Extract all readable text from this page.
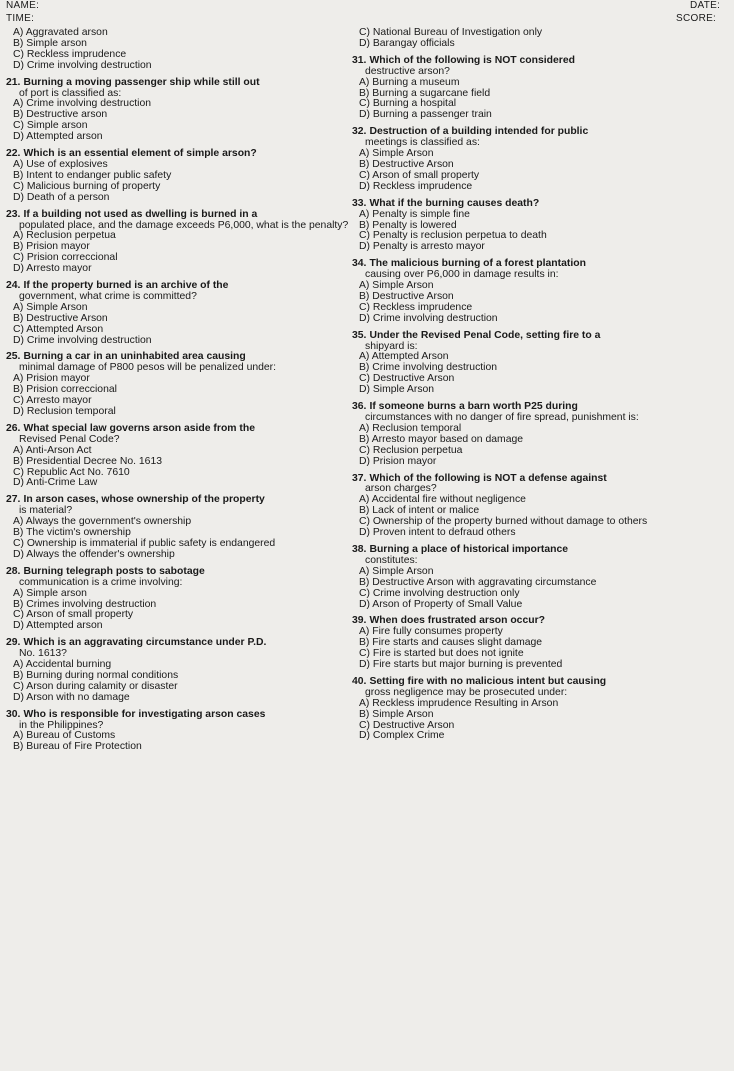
NAME:
TIME:
DATE:
SCORE:
A) Aggravated arson
B) Simple arson
C) Reckless imprudence
D) Crime involving destruction
21. Burning a moving passenger ship while still out
of port is classified as:
A) Crime involving destruction
B) Destructive arson
C) Simple arson
D) Attempted arson
22. Which is an essential element of simple arson?
A) Use of explosives
B) Intent to endanger public safety
C) Malicious burning of property
D) Death of a person
23. If a building not used as dwelling is burned in a
populated place, and the damage exceeds P6,000, what is the penalty?
A) Reclusion perpetua
B) Prision mayor
C) Prision correccional
D) Arresto mayor
24. If the property burned is an archive of the
government, what crime is committed?
A) Simple Arson
B) Destructive Arson
C) Attempted Arson
D) Crime involving destruction
25. Burning a car in an uninhabited area causing
minimal damage of P800 pesos will be penalized under:
A) Prision mayor
B) Prision correccional
C) Arresto mayor
D) Reclusion temporal
26. What special law governs arson aside from the
Revised Penal Code?
A) Anti-Arson Act
B) Presidential Decree No. 1613
C) Republic Act No. 7610
D) Anti-Crime Law
27. In arson cases, whose ownership of the property
is material?
A) Always the government's ownership
B) The victim's ownership
C) Ownership is immaterial if public safety is endangered
D) Always the offender's ownership
28. Burning telegraph posts to sabotage
communication is a crime involving:
A) Simple arson
B) Crimes involving destruction
C) Arson of small property
D) Attempted arson
29. Which is an aggravating circumstance under P.D.
No. 1613?
A) Accidental burning
B) Burning during normal conditions
C) Arson during calamity or disaster
D) Arson with no damage
30. Who is responsible for investigating arson cases
in the Philippines?
A) Bureau of Customs
B) Bureau of Fire Protection
C) National Bureau of Investigation only
D) Barangay officials
31. Which of the following is NOT considered
destructive arson?
A) Burning a museum
B) Burning a sugarcane field
C) Burning a hospital
D) Burning a passenger train
32. Destruction of a building intended for public
meetings is classified as:
A) Simple Arson
B) Destructive Arson
C) Arson of small property
D) Reckless imprudence
33. What if the burning causes death?
A) Penalty is simple fine
B) Penalty is lowered
C) Penalty is reclusion perpetua to death
D) Penalty is arresto mayor
34. The malicious burning of a forest plantation
causing over P6,000 in damage results in:
A) Simple Arson
B) Destructive Arson
C) Reckless imprudence
D) Crime involving destruction
35. Under the Revised Penal Code, setting fire to a
shipyard is:
A) Attempted Arson
B) Crime involving destruction
C) Destructive Arson
D) Simple Arson
36. If someone burns a barn worth P25 during
circumstances with no danger of fire spread, punishment is:
A) Reclusion temporal
B) Arresto mayor based on damage
C) Reclusion perpetua
D) Prision mayor
37. Which of the following is NOT a defense against
arson charges?
A) Accidental fire without negligence
B) Lack of intent or malice
C) Ownership of the property burned without damage to others
D) Proven intent to defraud others
38. Burning a place of historical importance
constitutes:
A) Simple Arson
B) Destructive Arson with aggravating circumstance
C) Crime involving destruction only
D) Arson of Property of Small Value
39. When does frustrated arson occur?
A) Fire fully consumes property
B) Fire starts and causes slight damage
C) Fire is started but does not ignite
D) Fire starts but major burning is prevented
40. Setting fire with no malicious intent but causing
gross negligence may be prosecuted under:
A) Reckless imprudence Resulting in Arson
B) Simple Arson
C) Destructive Arson
D) Complex Crime
